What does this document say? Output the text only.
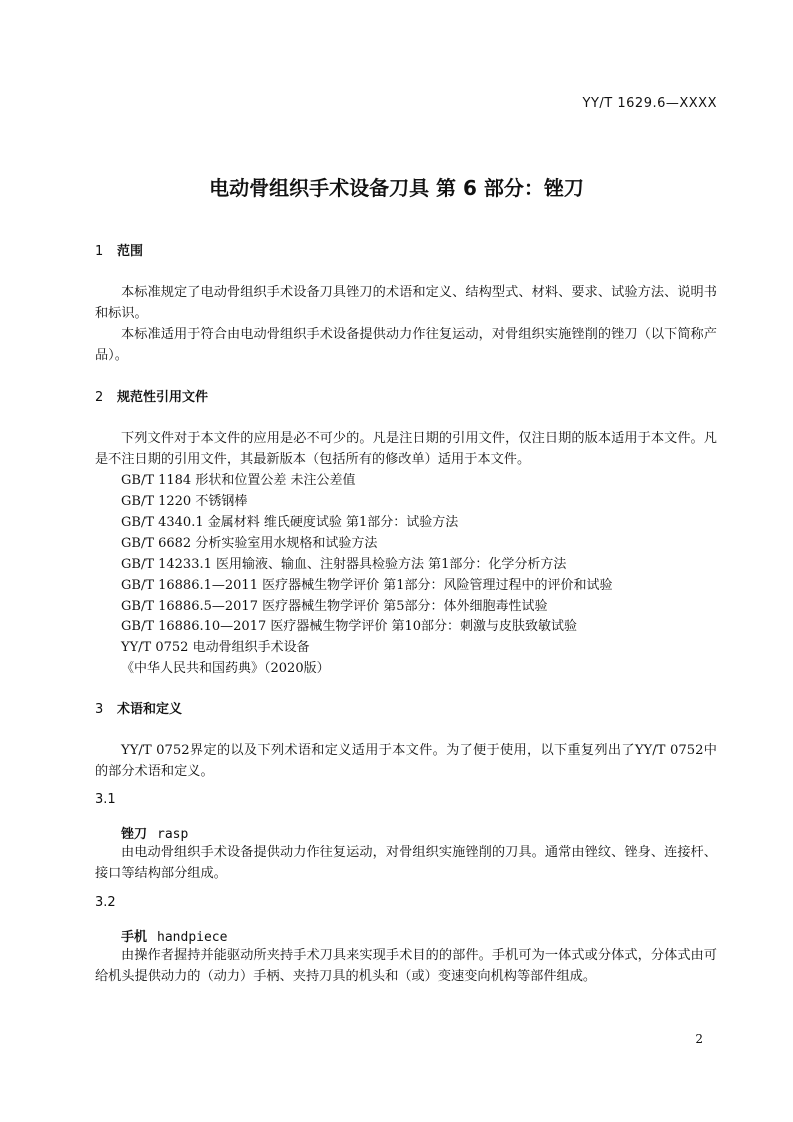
YY/T 1629.6—XXXX
电动骨组织手术设备刀具 第 6 部分：锉刀
1 范围
本标准规定了电动骨组织手术设备刀具锉刀的术语和定义、结构型式、材料、要求、试验方法、说明书和标识。
本标准适用于符合由电动骨组织手术设备提供动力作往复运动，对骨组织实施锉削的锉刀（以下简称产品）。
2 规范性引用文件
下列文件对于本文件的应用是必不可少的。凡是注日期的引用文件，仅注日期的版本适用于本文件。凡是不注日期的引用文件，其最新版本（包括所有的修改单）适用于本文件。
GB/T 1184 形状和位置公差 未注公差值
GB/T 1220 不锈钢棒
GB/T 4340.1 金属材料 维氏硬度试验 第1部分：试验方法
GB/T 6682 分析实验室用水规格和试验方法
GB/T 14233.1 医用输液、输血、注射器具检验方法 第1部分：化学分析方法
GB/T 16886.1—2011 医疗器械生物学评价 第1部分：风险管理过程中的评价和试验
GB/T 16886.5—2017 医疗器械生物学评价 第5部分：体外细胞毒性试验
GB/T 16886.10—2017 医疗器械生物学评价 第10部分：刺激与皮肤致敏试验
YY/T 0752 电动骨组织手术设备
《中华人民共和国药典》（2020版）
3 术语和定义
YY/T 0752界定的以及下列术语和定义适用于本文件。为了便于使用，以下重复列出了YY/T 0752中的部分术语和定义。
3.1
锉刀 rasp
由电动骨组织手术设备提供动力作往复运动，对骨组织实施锉削的刀具。通常由锉纹、锉身、连接杆、接口等结构部分组成。
3.2
手机 handpiece
由操作者握持并能驱动所夹持手术刀具来实现手术目的的部件。手机可为一体式或分体式，分体式由可给机头提供动力的（动力）手柄、夹持刀具的机头和（或）变速变向机构等部件组成。
2
